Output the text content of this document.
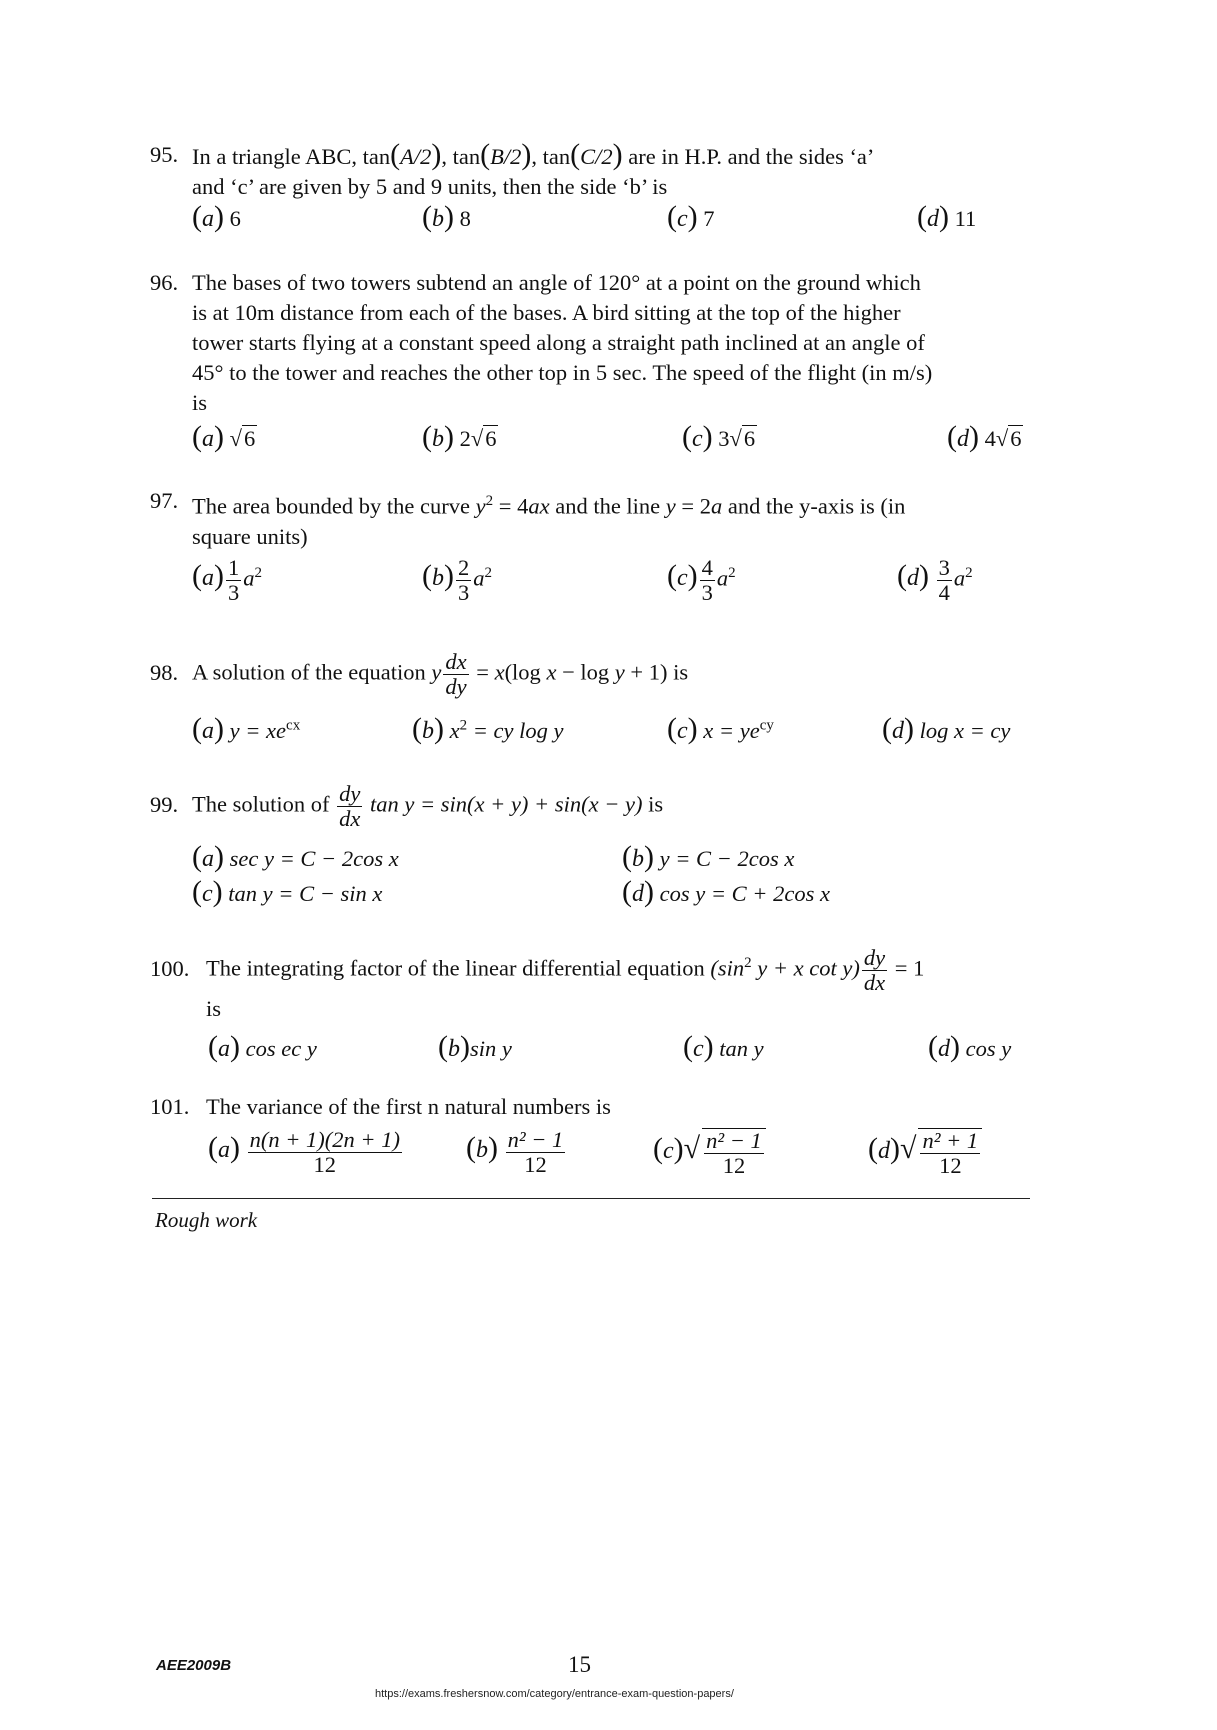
95. In a triangle ABC, tan(A/2), tan(B/2), tan(C/2) are in H.P. and the sides ‘a’
and ‘c’ are given by 5 and 9 units, then the side ‘b’ is
( a ) 6	( b ) 8	( c ) 7	( d ) 11
96. The bases of two towers subtend an angle of 120° at a point on the ground which
is at 10m distance from each of the bases. A bird sitting at the top of the higher
tower starts flying at a constant speed along a straight path inclined at an angle of
45° to the tower and reaches the other top in 5 sec. The speed of the flight (in m/s)
is
( a ) √6	( b ) 2√6	( c ) 3√6	( d ) 4√6
97. The area bounded by the curve $y^2 = 4ax$ and the line y = 2a and the y-axis is (in
square units)
( a ) $\frac{1}{3} a^2$	( b ) $\frac{2}{3} a^2$	( c ) $\frac{4}{3} a^2$	( d ) $\frac{3}{4} a^2$
98. A solution of the equation y $\frac{dx}{dy} = x(\log$ x − log y + 1) is
( a ) $y = xe^{cx}$	( b ) $x^2$ = cy log y	( c ) $x = ye^{cy}$	( d ) log x = cy
99. The solution of $\frac{dy}{dx}$ tan y = sin(x + y) + sin(x − y) is
( a ) sec y = C − 2cos x	( b ) y = C − 2cos x
( c ) tan y = C − sin x	( d ) cos y = C + 2cos x
100. The integrating factor of the linear differential equation ($\sin^2$ y + x $\cot y) \frac{dy}{dx} = 1$
is
( a ) cos ec y	( b ) sin y	( c ) tan y	( d ) cos y
101. The variance of the first n natural numbers is
( a ) $\frac{n(n + 1)(2n + 1)}{12}$	( b ) $\frac{\text{n² − 1}}{12}$	( c ) √ $\frac{\text{n² − 1}}{12}$	( d ) √ $\frac{\text{n² + 1}}{12}$
Rough work
AEE2009B	15
https://exams.freshersnow.com/category/entrance-exam-question-papers/
